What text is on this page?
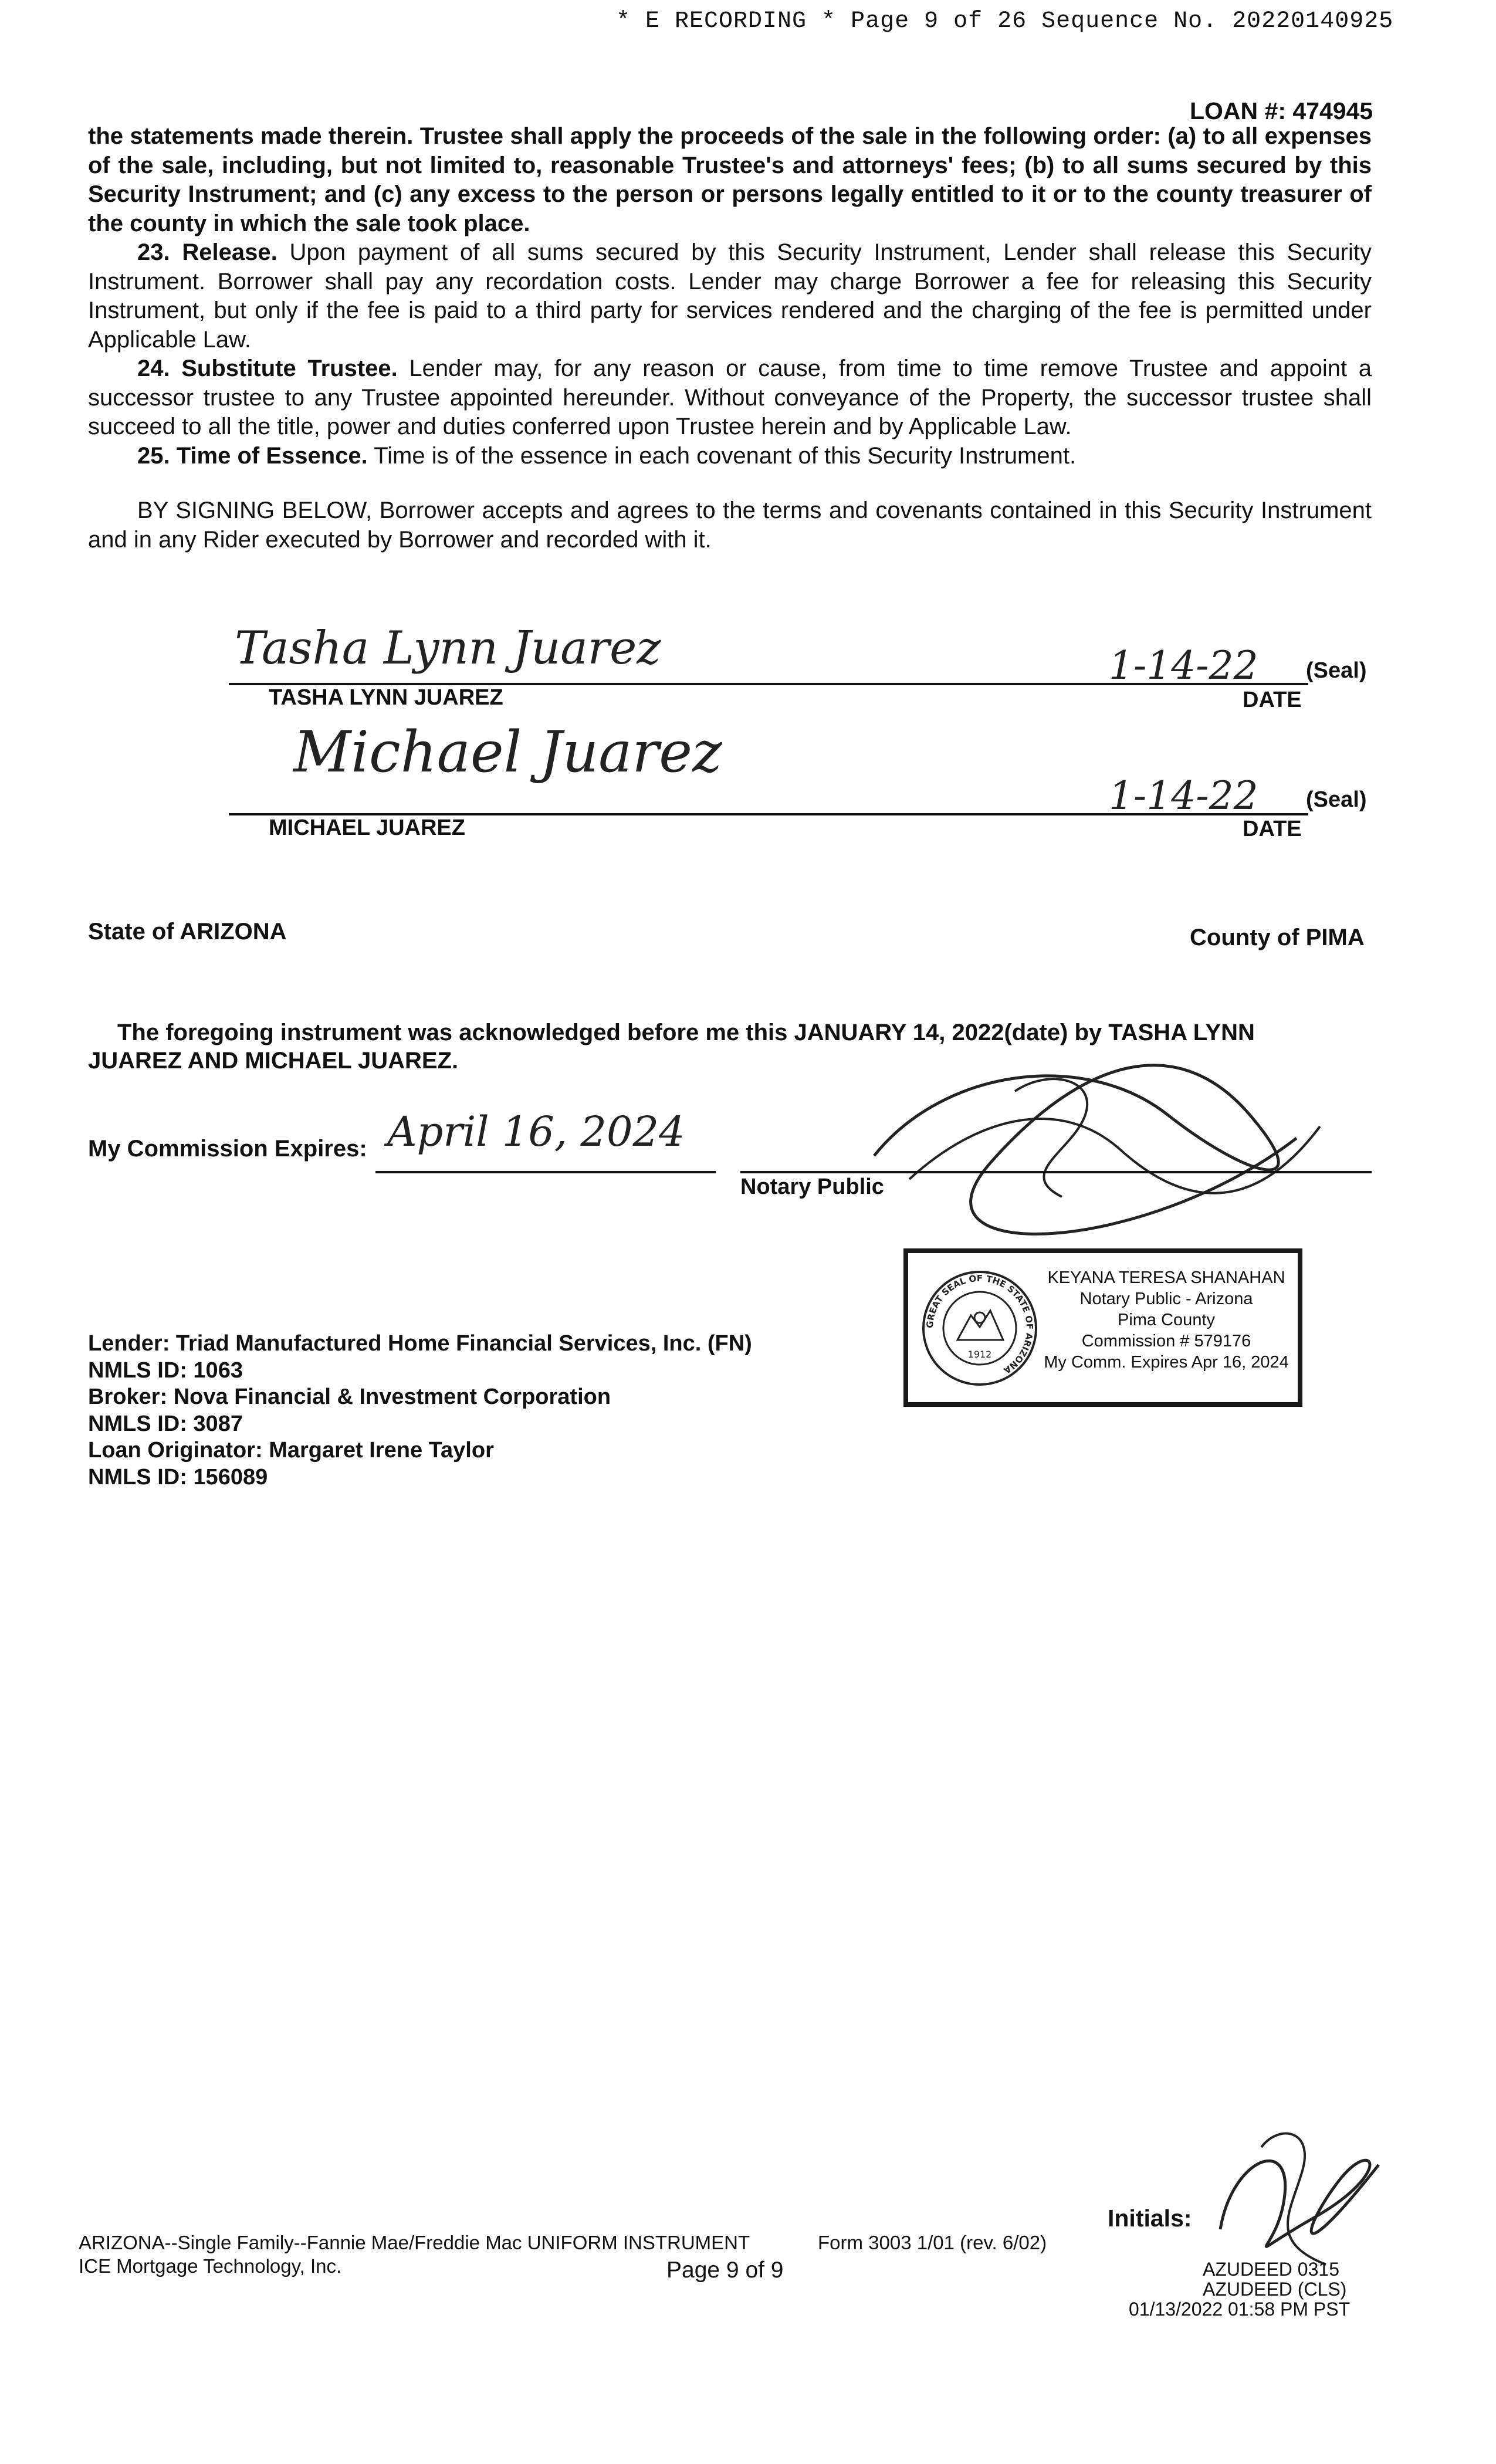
* E RECORDING * Page 9 of 26 Sequence No. 20220140925
LOAN #: 474945

the statements made therein. Trustee shall apply the proceeds of the sale in the following order: (a) to all expenses of the sale, including, but not limited to, reasonable Trustee's and attorneys' fees; (b) to all sums secured by this Security Instrument; and (c) any excess to the person or persons legally entitled to it or to the county treasurer of the county in which the sale took place.

23. Release. Upon payment of all sums secured by this Security Instrument, Lender shall release this Security Instrument. Borrower shall pay any recordation costs. Lender may charge Borrower a fee for releasing this Security Instrument, but only if the fee is paid to a third party for services rendered and the charging of the fee is permitted under Applicable Law.

24. Substitute Trustee. Lender may, for any reason or cause, from time to time remove Trustee and appoint a successor trustee to any Trustee appointed hereunder. Without conveyance of the Property, the successor trustee shall succeed to all the title, power and duties conferred upon Trustee herein and by Applicable Law.

25. Time of Essence. Time is of the essence in each covenant of this Security Instrument.

BY SIGNING BELOW, Borrower accepts and agrees to the terms and covenants contained in this Security Instrument and in any Rider executed by Borrower and recorded with it.

Tasha Lynn Juarez
TASHA LYNN JUAREZ
1-14-22 (Seal)
DATE
Michael Juarez
MICHAEL JUAREZ
1-14-22 (Seal)
DATE
State of ARIZONA	County of PIMA
The foregoing instrument was acknowledged before me this JANUARY 14, 2022(date) by TASHA LYNN JUAREZ AND MICHAEL JUAREZ.
My Commission Expires: April 16, 2024
Notary Public
GREAT SEAL OF THE STATE OF ARIZONA
1912
KEYANA TERESA SHANAHAN
Notary Public - Arizona
Pima County
Commission # 579176
My Comm. Expires Apr 16, 2024
Lender: Triad Manufactured Home Financial Services, Inc. (FN)
NMLS ID: 1063
Broker: Nova Financial & Investment Corporation
NMLS ID: 3087
Loan Originator: Margaret Irene Taylor
NMLS ID: 156089
ARIZONA--Single Family--Fannie Mae/Freddie Mac UNIFORM INSTRUMENT
ICE Mortgage Technology, Inc.
Form 3003 1/01 (rev. 6/02)
Page 9 of 9
Initials:
AZUDEED 0315
AZUDEED (CLS)
01/13/2022 01:58 PM PST
